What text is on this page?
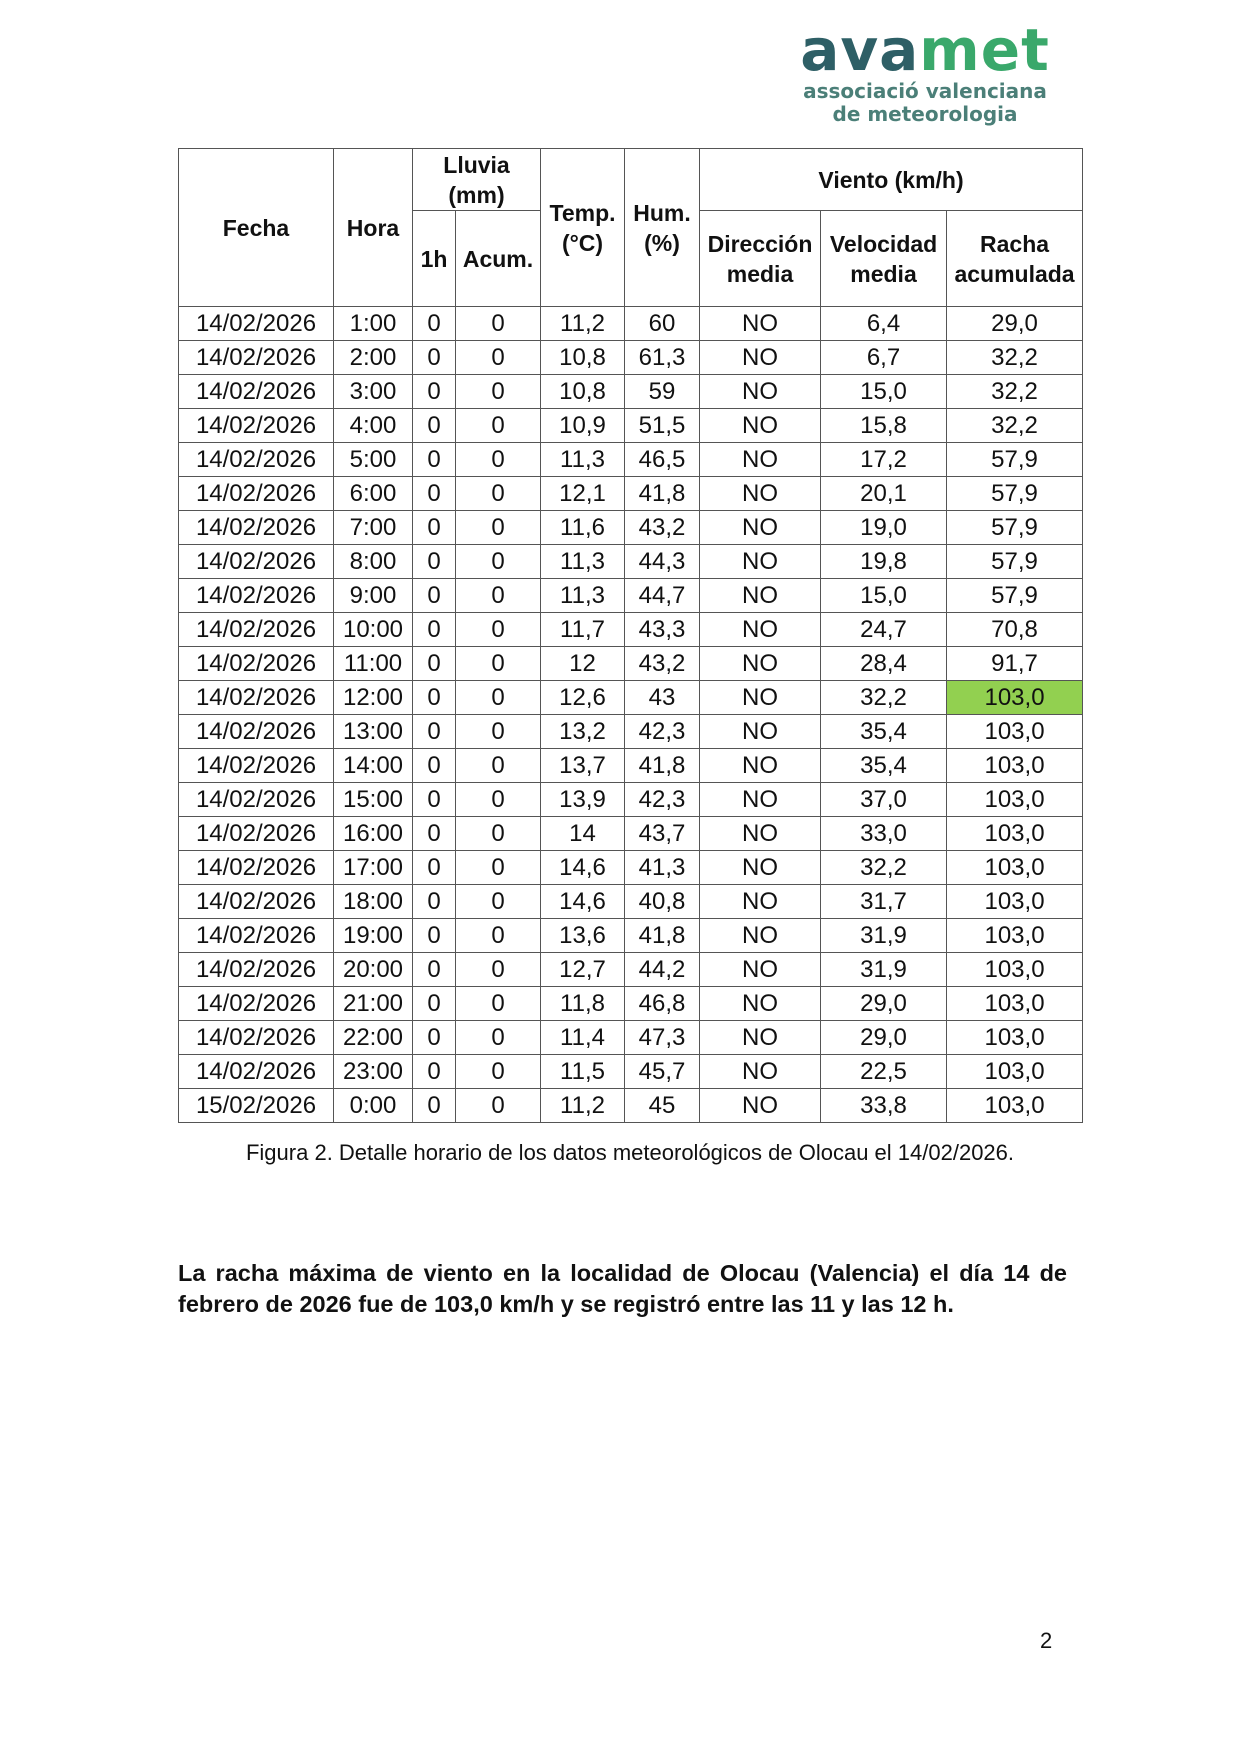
avamet
associació valenciana
de meteorologia
Fecha	Hora	Lluvia (mm)		Temp. (°C)	Hum. (%)	Viento (km/h)		
		1h	Acum.			Dirección media	Velocidad media	Racha acumulada
14/02/2026	1:00	0	0	11,2	60	NO	6,4	29,0
14/02/2026	2:00	0	0	10,8	61,3	NO	6,7	32,2
14/02/2026	3:00	0	0	10,8	59	NO	15,0	32,2
14/02/2026	4:00	0	0	10,9	51,5	NO	15,8	32,2
14/02/2026	5:00	0	0	11,3	46,5	NO	17,2	57,9
14/02/2026	6:00	0	0	12,1	41,8	NO	20,1	57,9
14/02/2026	7:00	0	0	11,6	43,2	NO	19,0	57,9
14/02/2026	8:00	0	0	11,3	44,3	NO	19,8	57,9
14/02/2026	9:00	0	0	11,3	44,7	NO	15,0	57,9
14/02/2026	10:00	0	0	11,7	43,3	NO	24,7	70,8
14/02/2026	11:00	0	0	12	43,2	NO	28,4	91,7
14/02/2026	12:00	0	0	12,6	43	NO	32,2	103,0
14/02/2026	13:00	0	0	13,2	42,3	NO	35,4	103,0
14/02/2026	14:00	0	0	13,7	41,8	NO	35,4	103,0
14/02/2026	15:00	0	0	13,9	42,3	NO	37,0	103,0
14/02/2026	16:00	0	0	14	43,7	NO	33,0	103,0
14/02/2026	17:00	0	0	14,6	41,3	NO	32,2	103,0
14/02/2026	18:00	0	0	14,6	40,8	NO	31,7	103,0
14/02/2026	19:00	0	0	13,6	41,8	NO	31,9	103,0
14/02/2026	20:00	0	0	12,7	44,2	NO	31,9	103,0
14/02/2026	21:00	0	0	11,8	46,8	NO	29,0	103,0
14/02/2026	22:00	0	0	11,4	47,3	NO	29,0	103,0
14/02/2026	23:00	0	0	11,5	45,7	NO	22,5	103,0
15/02/2026	0:00	0	0	11,2	45	NO	33,8	103,0
Figura 2. Detalle horario de los datos meteorológicos de Olocau el 14/02/2026.
La racha máxima de viento en la localidad de Olocau (Valencia) el día 14 de febrero de 2026 fue de 103,0 km/h y se registró entre las 11 y las 12 h.
2
